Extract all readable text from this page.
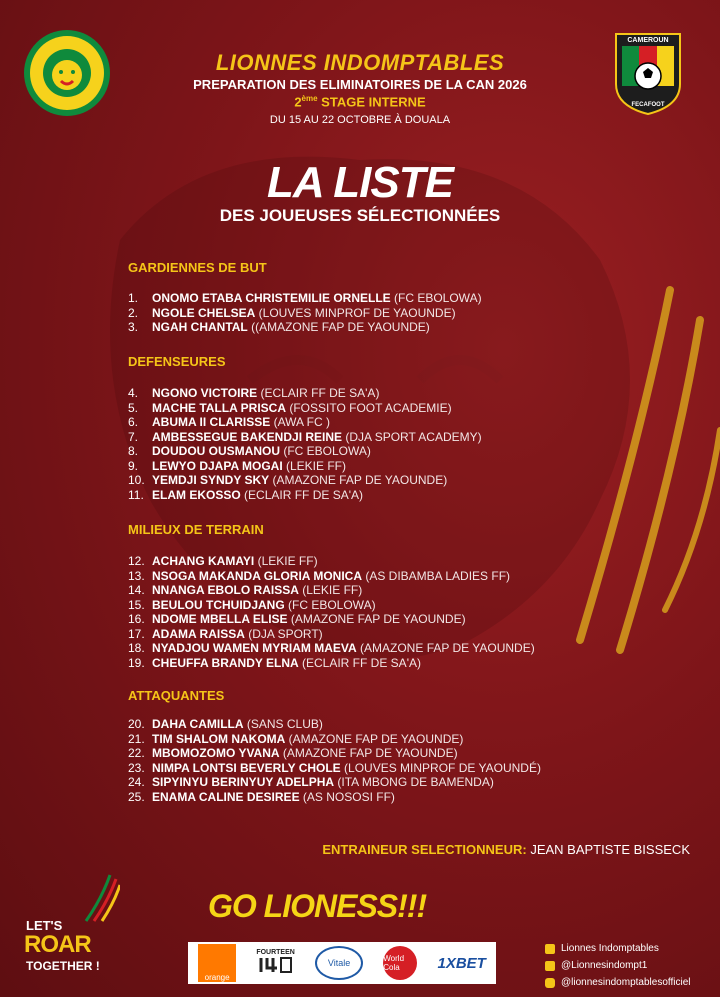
CAMEROUN
FECAFOOT
LIONNES INDOMPTABLES
PREPARATION DES ELIMINATOIRES DE LA CAN 2026
2ème STAGE INTERNE
DU 15 AU 22 OCTOBRE À DOUALA
LA LISTE
DES JOUEUSES SÉLECTIONNÉES
GARDIENNES DE BUT
1. ONOMO ETABA CHRISTEMILIE ORNELLE (FC EBOLOWA)
2. NGOLE CHELSEA (LOUVES MINPROF DE YAOUNDE)
3. NGAH CHANTAL ((AMAZONE FAP DE YAOUNDE)
DEFENSEURES
4. NGONO VICTOIRE (ECLAIR FF DE SA'A)
5. MACHE TALLA PRISCA (FOSSITO FOOT ACADEMIE)
6. ABUMA II CLARISSE (AWA FC )
7. AMBESSEGUE BAKENDJI REINE (DJA SPORT ACADEMY)
8. DOUDOU OUSMANOU (FC EBOLOWA)
9. LEWYO DJAPA MOGAI (LEKIE FF)
10. YEMDJI SYNDY SKY (AMAZONE FAP DE YAOUNDE)
11. ELAM EKOSSO (ECLAIR FF DE SA'A)
MILIEUX DE TERRAIN
12. ACHANG KAMAYI (LEKIE FF)
13. NSOGA MAKANDA GLORIA MONICA (AS DIBAMBA LADIES FF)
14. NNANGA EBOLO RAISSA (LEKIE FF)
15. BEULOU TCHUIDJANG (FC EBOLOWA)
16. NDOME MBELLA ELISE (AMAZONE FAP DE YAOUNDE)
17. ADAMA RAISSA (DJA SPORT)
18. NYADJOU WAMEN MYRIAM MAEVA (AMAZONE FAP DE YAOUNDE)
19. CHEUFFA BRANDY ELNA (ECLAIR FF DE SA'A)
ATTAQUANTES
20. DAHA CAMILLA (SANS CLUB)
21. TIM SHALOM NAKOMA (AMAZONE FAP DE YAOUNDE)
22. MBOMOZOMO YVANA (AMAZONE FAP DE YAOUNDE)
23. NIMPA LONTSI BEVERLY CHOLE (LOUVES MINPROF DE YAOUNDÉ)
24. SIPYINYU BERINYUY ADELPHA (ITA MBONG DE BAMENDA)
25. ENAMA CALINE DESIREE (AS NOSOSI FF)
ENTRAINEUR SELECTIONNEUR: JEAN BAPTISTE BISSECK
LET'S
ROAR
TOGETHER !
GO LIONESS!!!
orange
FOURTEEN
Vitale	World Cola	1XBET
Lionnes Indomptables
@Lionnesindompt1
@lionnesindomptablesofficiel
